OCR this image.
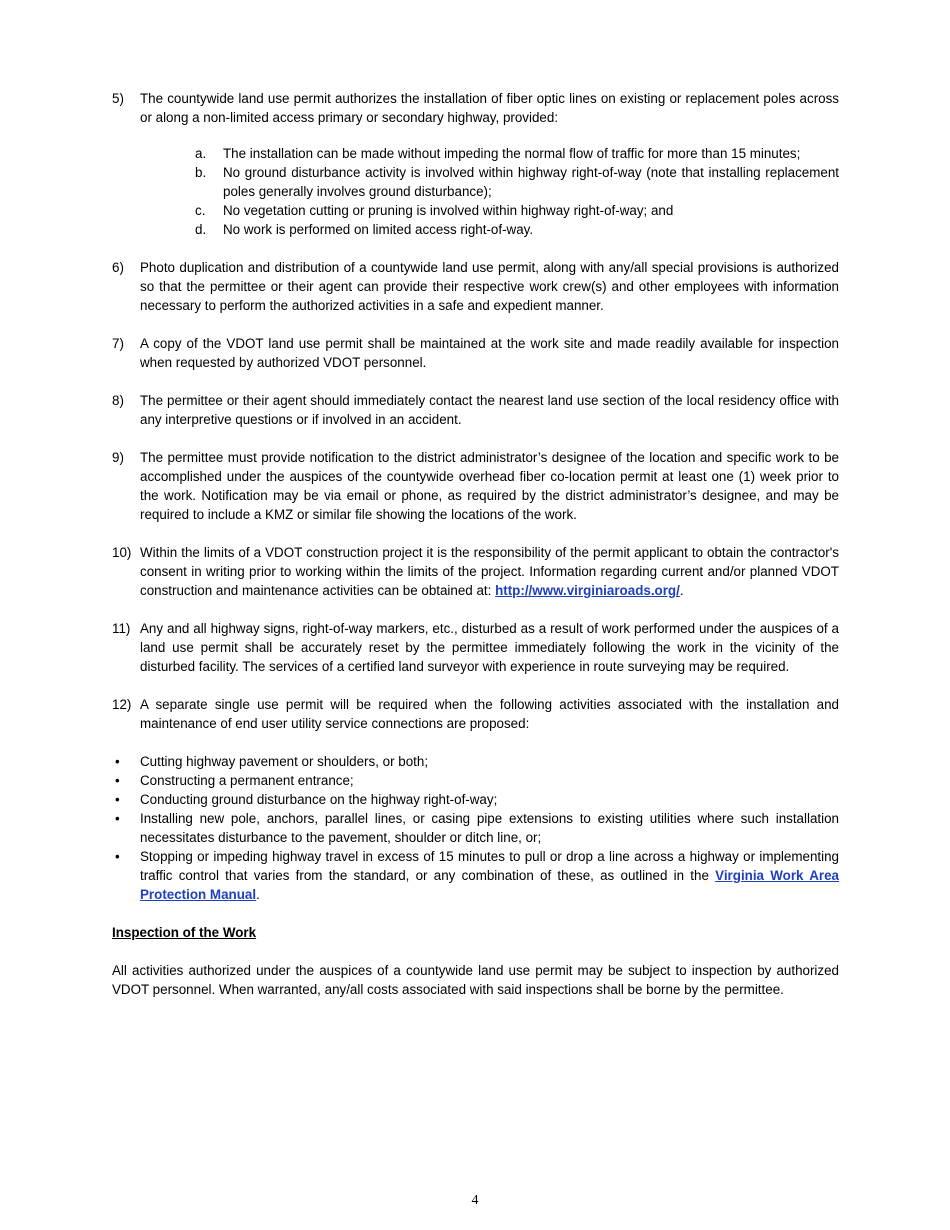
5) The countywide land use permit authorizes the installation of fiber optic lines on existing or replacement poles across or along a non-limited access primary or secondary highway, provided:
a. The installation can be made without impeding the normal flow of traffic for more than 15 minutes;
b. No ground disturbance activity is involved within highway right-of-way (note that installing replacement poles generally involves ground disturbance);
c. No vegetation cutting or pruning is involved within highway right-of-way; and
d. No work is performed on limited access right-of-way.
6) Photo duplication and distribution of a countywide land use permit, along with any/all special provisions is authorized so that the permittee or their agent can provide their respective work crew(s) and other employees with information necessary to perform the authorized activities in a safe and expedient manner.
7) A copy of the VDOT land use permit shall be maintained at the work site and made readily available for inspection when requested by authorized VDOT personnel.
8) The permittee or their agent should immediately contact the nearest land use section of the local residency office with any interpretive questions or if involved in an accident.
9) The permittee must provide notification to the district administrator’s designee of the location and specific work to be accomplished under the auspices of the countywide overhead fiber co-location permit at least one (1) week prior to the work. Notification may be via email or phone, as required by the district administrator’s designee, and may be required to include a KMZ or similar file showing the locations of the work.
10) Within the limits of a VDOT construction project it is the responsibility of the permit applicant to obtain the contractor's consent in writing prior to working within the limits of the project. Information regarding current and/or planned VDOT construction and maintenance activities can be obtained at: http://www.virginiaroads.org/.
11) Any and all highway signs, right-of-way markers, etc., disturbed as a result of work performed under the auspices of a land use permit shall be accurately reset by the permittee immediately following the work in the vicinity of the disturbed facility. The services of a certified land surveyor with experience in route surveying may be required.
12) A separate single use permit will be required when the following activities associated with the installation and maintenance of end user utility service connections are proposed:
• Cutting highway pavement or shoulders, or both;
• Constructing a permanent entrance;
• Conducting ground disturbance on the highway right-of-way;
• Installing new pole, anchors, parallel lines, or casing pipe extensions to existing utilities where such installation necessitates disturbance to the pavement, shoulder or ditch line, or;
• Stopping or impeding highway travel in excess of 15 minutes to pull or drop a line across a highway or implementing traffic control that varies from the standard, or any combination of these, as outlined in the Virginia Work Area Protection Manual.
Inspection of the Work

All activities authorized under the auspices of a countywide land use permit may be subject to inspection by authorized VDOT personnel. When warranted, any/all costs associated with said inspections shall be borne by the permittee.

4
